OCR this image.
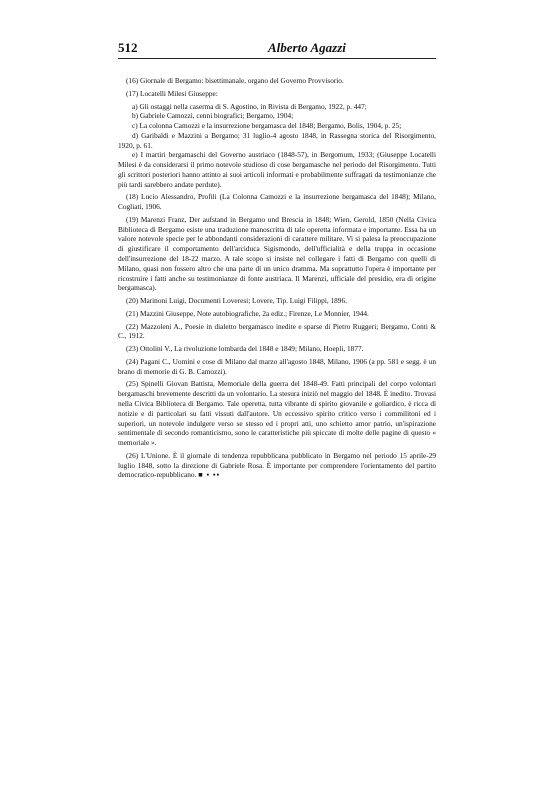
512	Alberto Agazzi

(16) Giornale di Bergamo: bisettimanale, organo del Governo Provvisorio.

(17) Locatelli Milesi Giuseppe:

a) Gli ostaggi nella caserma di S. Agostino, in Rivista di Bergamo, 1922, p. 447;

b) Gabriele Camozzi, cenni biografici; Bergamo, 1904;

c) La colonna Camozzi e la insurrezione bergamasca del 1848; Bergamo, Bolis, 1904, p. 25;

d) Garibaldi e Mazzini a Bergamo; 31 luglio-4 agosto 1848, in Rassegna storica del Risorgimento, 1920, p. 61.

e) I martiri bergamaschi del Governo austriaco (1848-57), in Bergomum, 1933; (Giuseppe Locatelli Milesi è da considerarsi il primo notevole studioso di cose bergamasche nel periodo del Risorgimento. Tutti gli scrittori posteriori hanno attinto ai suoi articoli informati e probabilmente suffragati da testimonianze che più tardi sarebbero andate perdute).

(18) Lucio Alessandro, Profili (La Colonna Camozzi e la insurrezione bergamasca del 1848); Milano, Cogliati, 1906.

(19) Marenzi Franz, Der aufstand in Bergamo und Brescia in 1848; Wien, Gerold, 1850 (Nella Civica Biblioteca di Bergamo esiste una traduzione manoscritta di tale operetta informata e importante. Essa ha un valore notevole specie per le abbondanti considerazioni di carattere militare. Vi si palesa la preoccupazione di giustificare il comportamento dell'arciduca Sigismondo, dell'ufficialità e della truppa in occasione dell'insurrezione del 18-22 marzo. A tale scopo si insiste nel collegare i fatti di Bergamo con quelli di Milano, quasi non fossero altro che una parte di un unico dramma. Ma soprattutto l'opera è importante per ricostruire i fatti anche su testimonianze di fonte austriaca. Il Marenzi, ufficiale del presidio, era di origine bergamasca).

(20) Marinoni Luigi, Documenti Loveresi; Lovere, Tip. Luigi Filippi, 1896.

(21) Mazzini Giuseppe, Note autobiografiche, 2a ediz.; Firenze, Le Monnier, 1944.

(22) Mazzoleni A., Poesie in dialetto bergamasco inedite e sparse di Pietro Ruggeri; Bergamo, Conti & C., 1912.

(23) Ottolini V., La rivoluzione lombarda del 1848 e 1849; Milano, Hoepli, 1877.

(24) Pagani C., Uomini e cose di Milano dal marzo all'agosto 1848, Milano, 1906 (a pp. 581 e segg. è un brano di memorie di G. B. Camozzi).

(25) Spinelli Giovan Battista, Memoriale della guerra del 1848-49. Fatti principali del corpo volontari bergamaschi brevemente descritti da un volontario. La stesura iniziò nel maggio del 1848. È inedito. Trovasi nella Civica Biblioteca di Bergamo. Tale operetta, tutta vibrante di spirito giovanile e goliardico, è ricca di notizie e di particolari su fatti vissuti dall'autore. Un eccessivo spirito critico verso i commilitoni ed i superiori, un notevole indulgere verso se stesso ed i propri atti, uno schietto amor patrio, un'ispirazione sentimentale di secondo romanticismo, sono le caratteristiche più spiccate di molte delle pagine di questo « memoriale ».

(26) L'Unione. È il giornale di tendenza repubblicana pubblicato in Bergamo nel periodo 15 aprile-29 luglio 1848, sotto la direzione di Gabriele Rosa. È importante per comprendere l'orientamento del partito democratico-repubblicano. ■ ▪ ▪▪
